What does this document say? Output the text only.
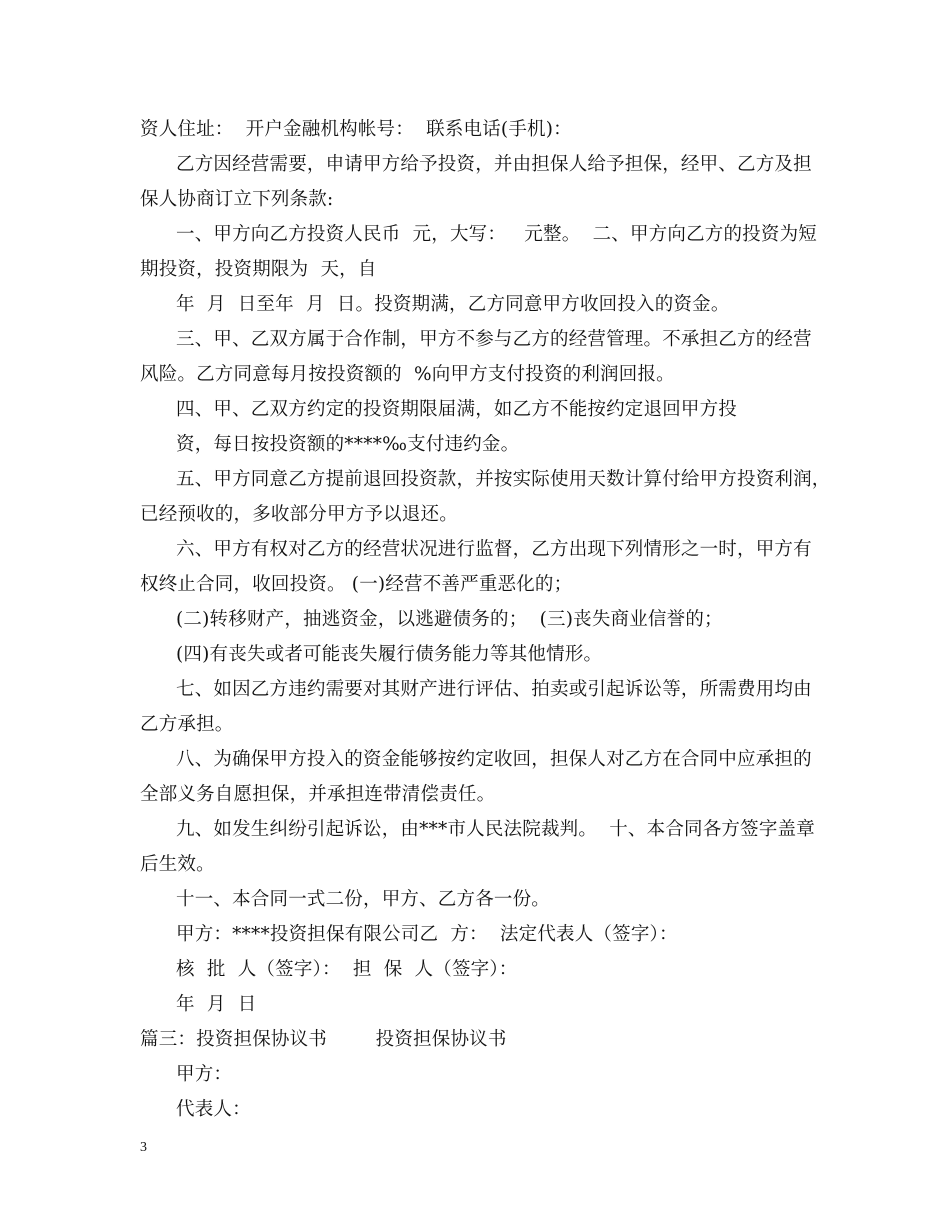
资人住址：  开户金融机构帐号：  联系电话(手机)：
乙方因经营需要，申请甲方给予投资，并由担保人给予担保，经甲、乙方及担
保人协商订立下列条款:
一、甲方向乙方投资人民币  元，大写：   元整。  二、甲方向乙方的投资为短
期投资，投资期限为  天，自
年  月  日至年  月  日。投资期满，乙方同意甲方收回投入的资金。
三、甲、乙双方属于合作制，甲方不参与乙方的经营管理。不承担乙方的经营
风险。乙方同意每月按投资额的  %向甲方支付投资的利润回报。
四、甲、乙双方约定的投资期限届满，如乙方不能按约定退回甲方投
资，每日按投资额的****‰支付违约金。
五、甲方同意乙方提前退回投资款，并按实际使用天数计算付给甲方投资利润，
已经预收的，多收部分甲方予以退还。
六、甲方有权对乙方的经营状况进行监督，乙方出现下列情形之一时，甲方有
权终止合同，收回投资。 (一)经营不善严重恶化的；
(二)转移财产，抽逃资金，以逃避债务的；  (三)丧失商业信誉的；
(四)有丧失或者可能丧失履行债务能力等其他情形。
七、如因乙方违约需要对其财产进行评估、拍卖或引起诉讼等，所需费用均由
乙方承担。
八、为确保甲方投入的资金能够按约定收回，担保人对乙方在合同中应承担的
全部义务自愿担保，并承担连带清偿责任。
九、如发生纠纷引起诉讼，由***市人民法院裁判。  十、本合同各方签字盖章
后生效。
十一、本合同一式二份，甲方、乙方各一份。
甲方：****投资担保有限公司乙  方：  法定代表人（签字）：
核  批  人（签字）：  担  保  人（签字）：
年  月  日
篇三：投资担保协议书        投资担保协议书
甲方：
代表人：
3
